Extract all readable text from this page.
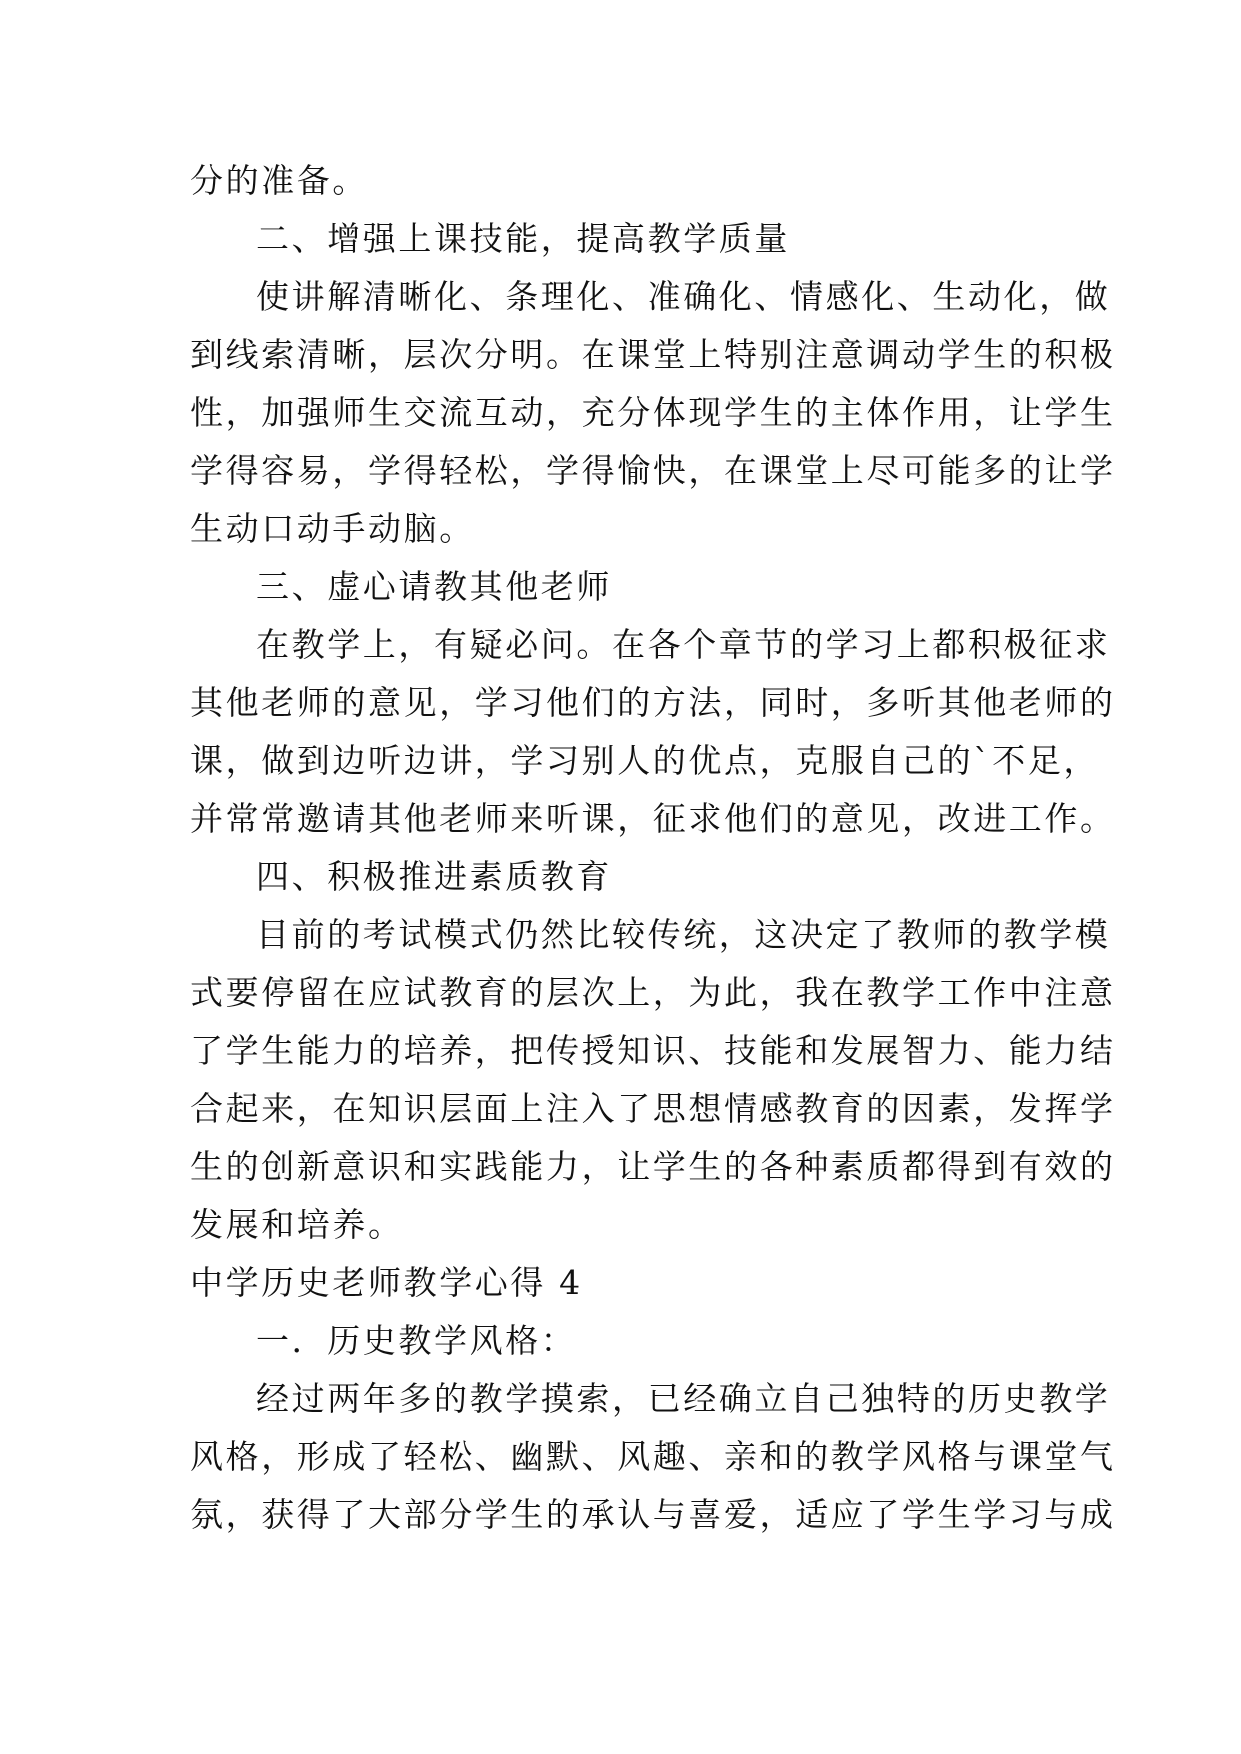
分的准备。
二、增强上课技能，提高教学质量
使讲解清晰化、条理化、准确化、情感化、生动化，做
到线索清晰，层次分明。在课堂上特别注意调动学生的积极
性，加强师生交流互动，充分体现学生的主体作用，让学生
学得容易，学得轻松，学得愉快，在课堂上尽可能多的让学
生动口动手动脑。
三、虚心请教其他老师
在教学上，有疑必问。在各个章节的学习上都积极征求
其他老师的意见，学习他们的方法，同时，多听其他老师的
课，做到边听边讲，学习别人的优点，克服自己的`不足，
并常常邀请其他老师来听课，征求他们的意见，改进工作。
四、积极推进素质教育
目前的考试模式仍然比较传统，这决定了教师的教学模
式要停留在应试教育的层次上，为此，我在教学工作中注意
了学生能力的培养，把传授知识、技能和发展智力、能力结
合起来，在知识层面上注入了思想情感教育的因素，发挥学
生的创新意识和实践能力，让学生的各种素质都得到有效的
发展和培养。
中学历史老师教学心得 4
一．历史教学风格：
经过两年多的教学摸索，已经确立自己独特的历史教学
风格，形成了轻松、幽默、风趣、亲和的教学风格与课堂气
氛，获得了大部分学生的承认与喜爱，适应了学生学习与成
